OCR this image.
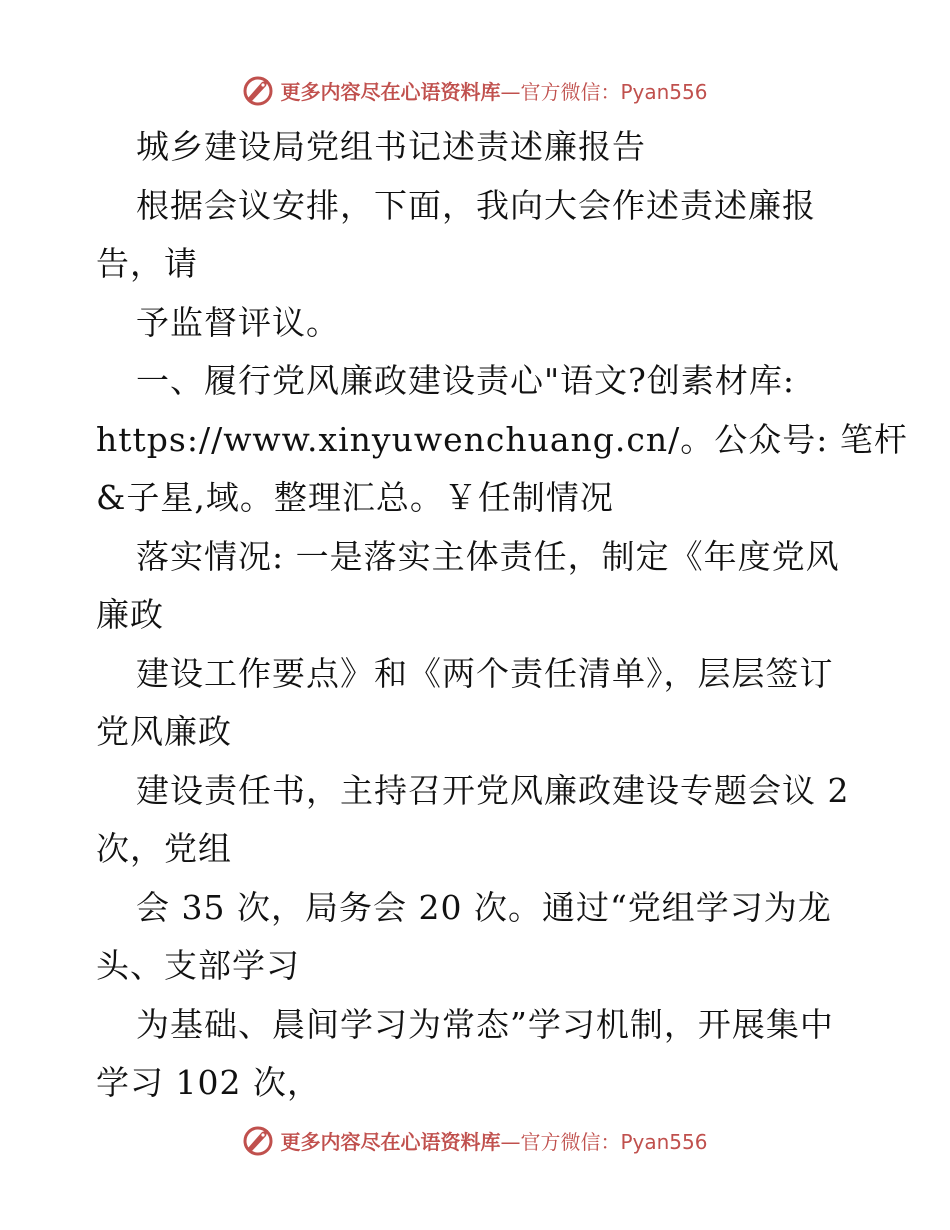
更多内容尽在心语资料库—官方微信：Pyan556
城乡建设局党组书记述责述廉报告
根据会议安排，下面，我向大会作述责述廉报
告，请
予监督评议。
一、履行党风廉政建设责心"语文?创素材库:
https://www.xinyuwenchuang.cn/。公众号: 笔杆
&子星,域。整理汇总。￥任制情况
落实情况: 一是落实主体责任，制定《年度党风
廉政
建设工作要点》和《两个责任清单》，层层签订
党风廉政
建设责任书，主持召开党风廉政建设专题会议 2
次，党组
会 35 次，局务会 20 次。通过“党组学习为龙
头、支部学习
为基础、晨间学习为常态”学习机制，开展集中
学习 102 次，
更多内容尽在心语资料库—官方微信：Pyan556
